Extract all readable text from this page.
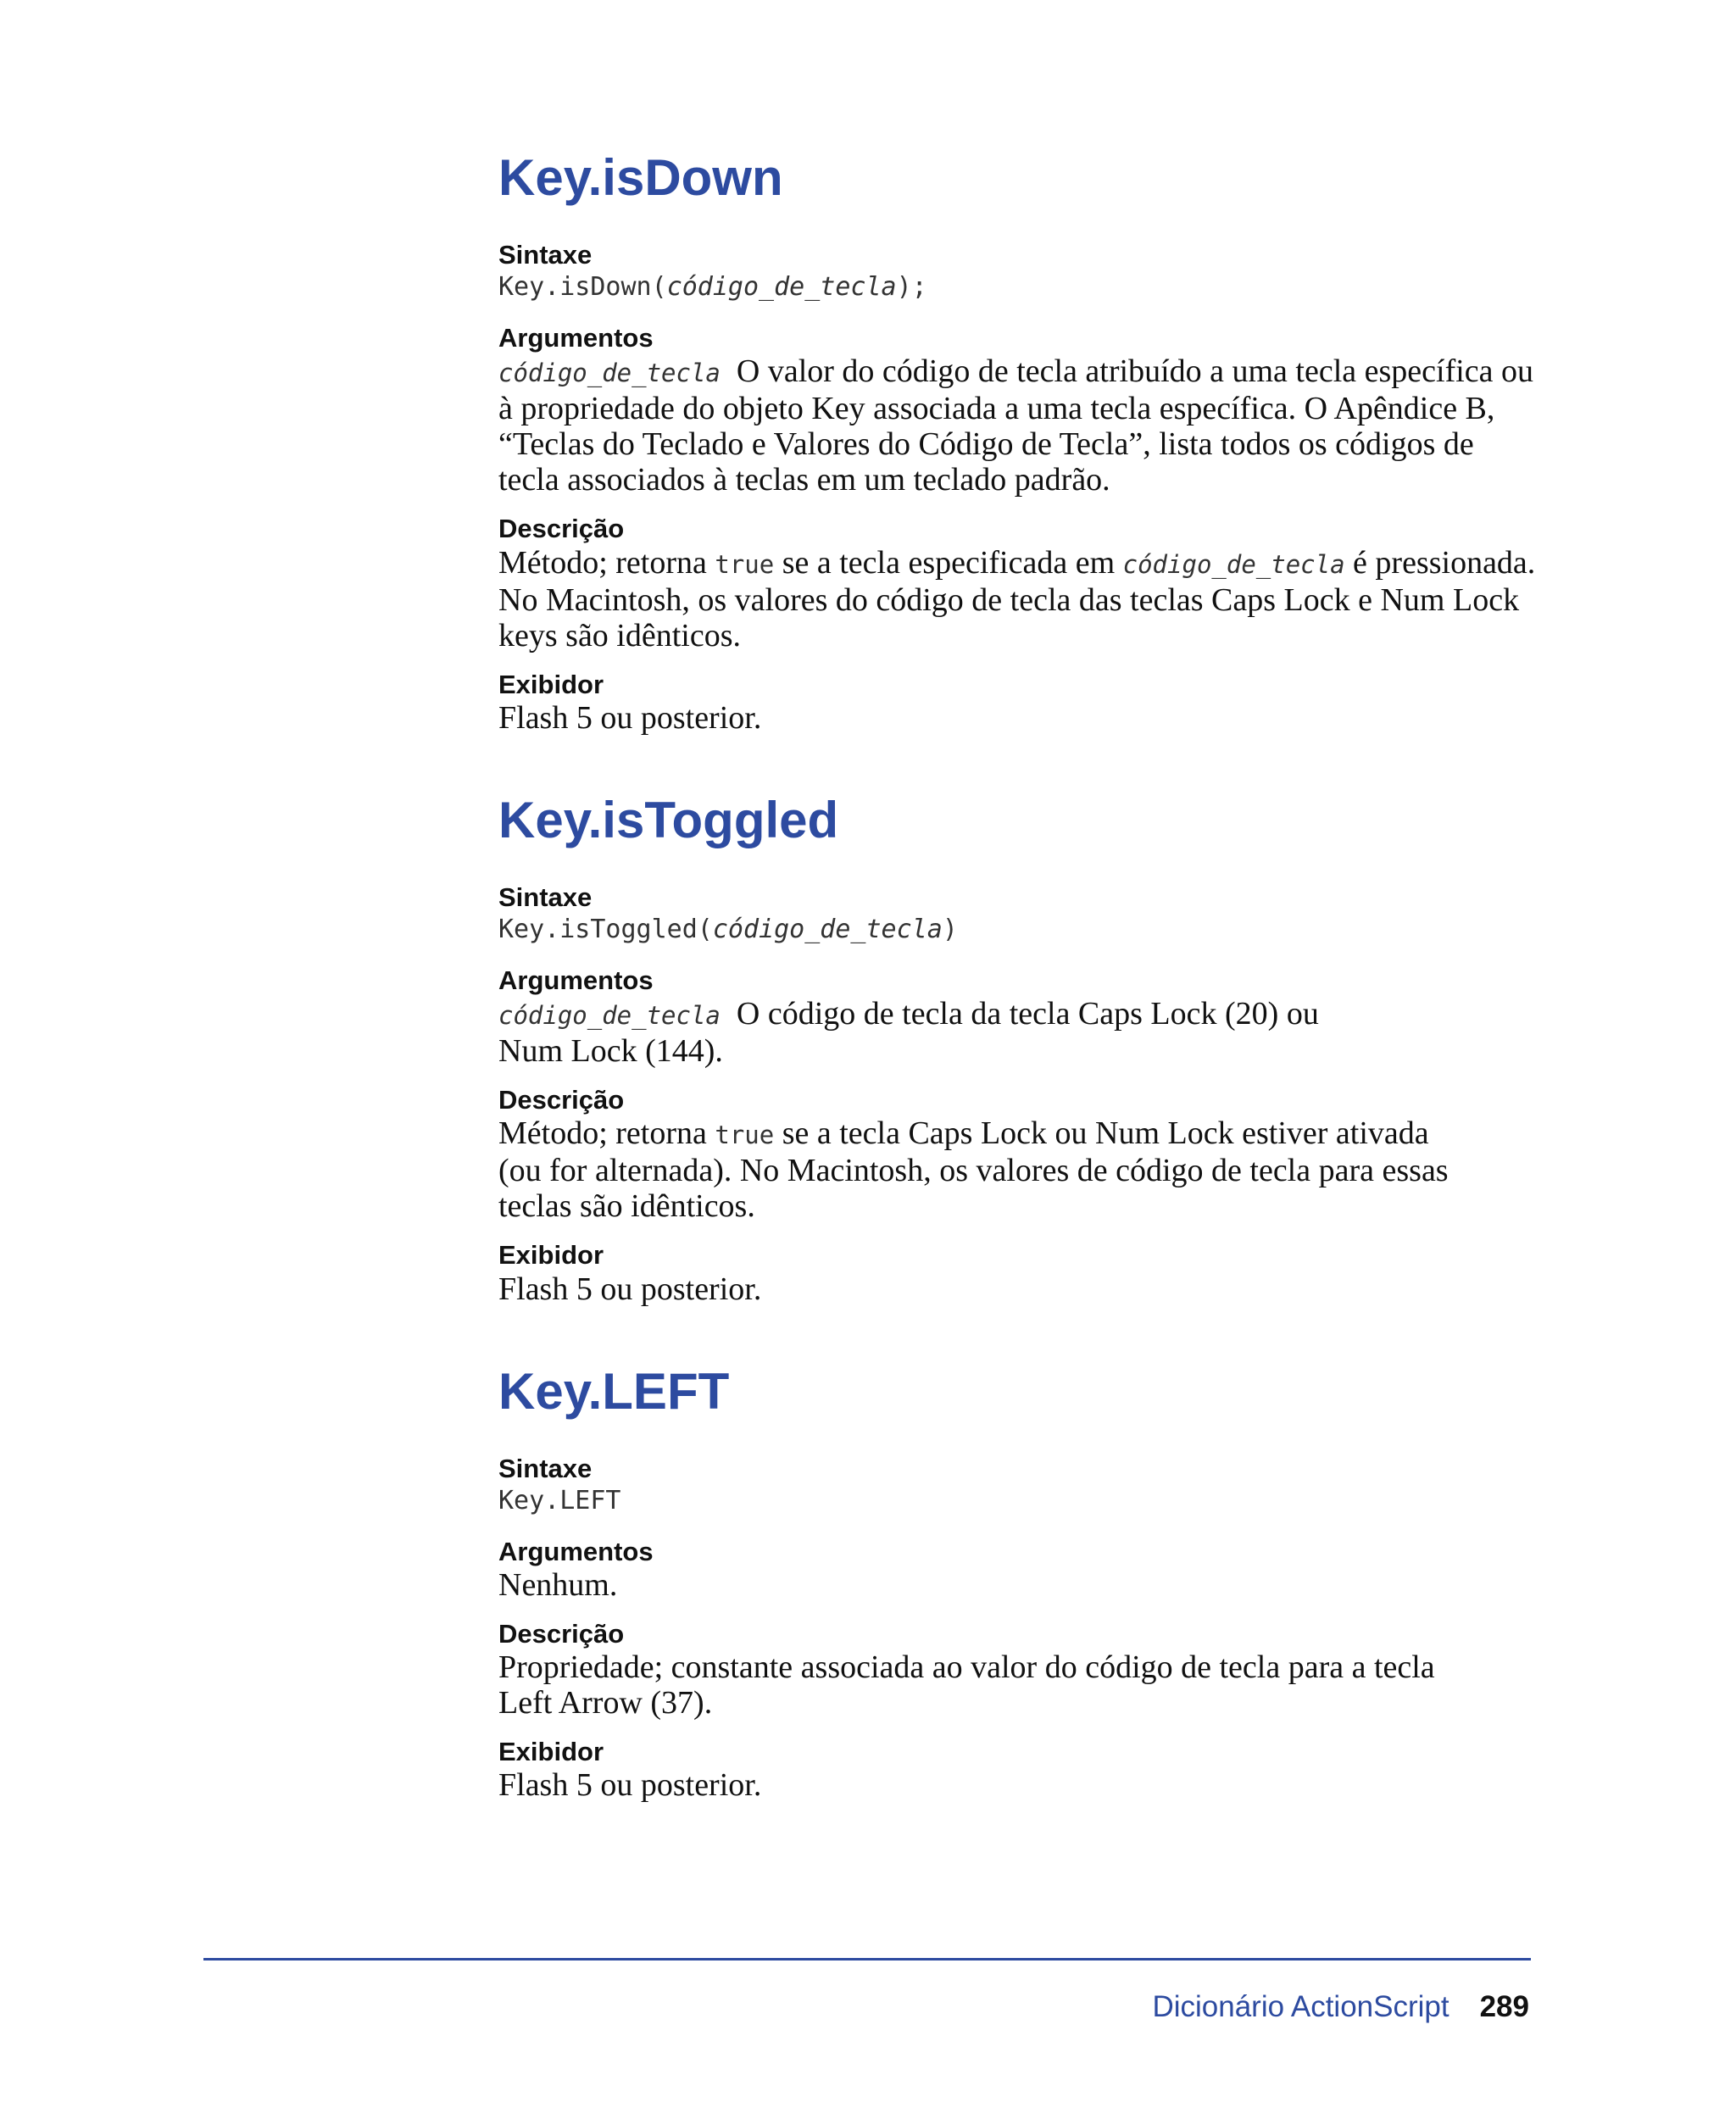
Key.isDown
Sintaxe
Key.isDown(código_de_tecla);
Argumentos

código_de_tecla O valor do código de tecla atribuído a uma tecla específica ou à propriedade do objeto Key associada a uma tecla específica. O Apêndice B, “Teclas do Teclado e Valores do Código de Tecla”, lista todos os códigos de tecla associados à teclas em um teclado padrão.

Descrição

Método; retorna true se a tecla especificada em código_de_tecla é pressionada. No Macintosh, os valores do código de tecla das teclas Caps Lock e Num Lock keys são idênticos.

Exibidor

Flash 5 ou posterior.

Key.isToggled
Sintaxe
Key.isToggled(código_de_tecla)
Argumentos

código_de_tecla O código de tecla da tecla Caps Lock (20) ou
Num Lock (144).

Descrição

Método; retorna true se a tecla Caps Lock ou Num Lock estiver ativada
(ou for alternada). No Macintosh, os valores de código de tecla para essas
teclas são idênticos.

Exibidor

Flash 5 ou posterior.

Key.LEFT
Sintaxe
Key.LEFT
Argumentos

Nenhum.

Descrição

Propriedade; constante associada ao valor do código de tecla para a tecla
Left Arrow (37).

Exibidor

Flash 5 ou posterior.

Dicionário ActionScript 289
